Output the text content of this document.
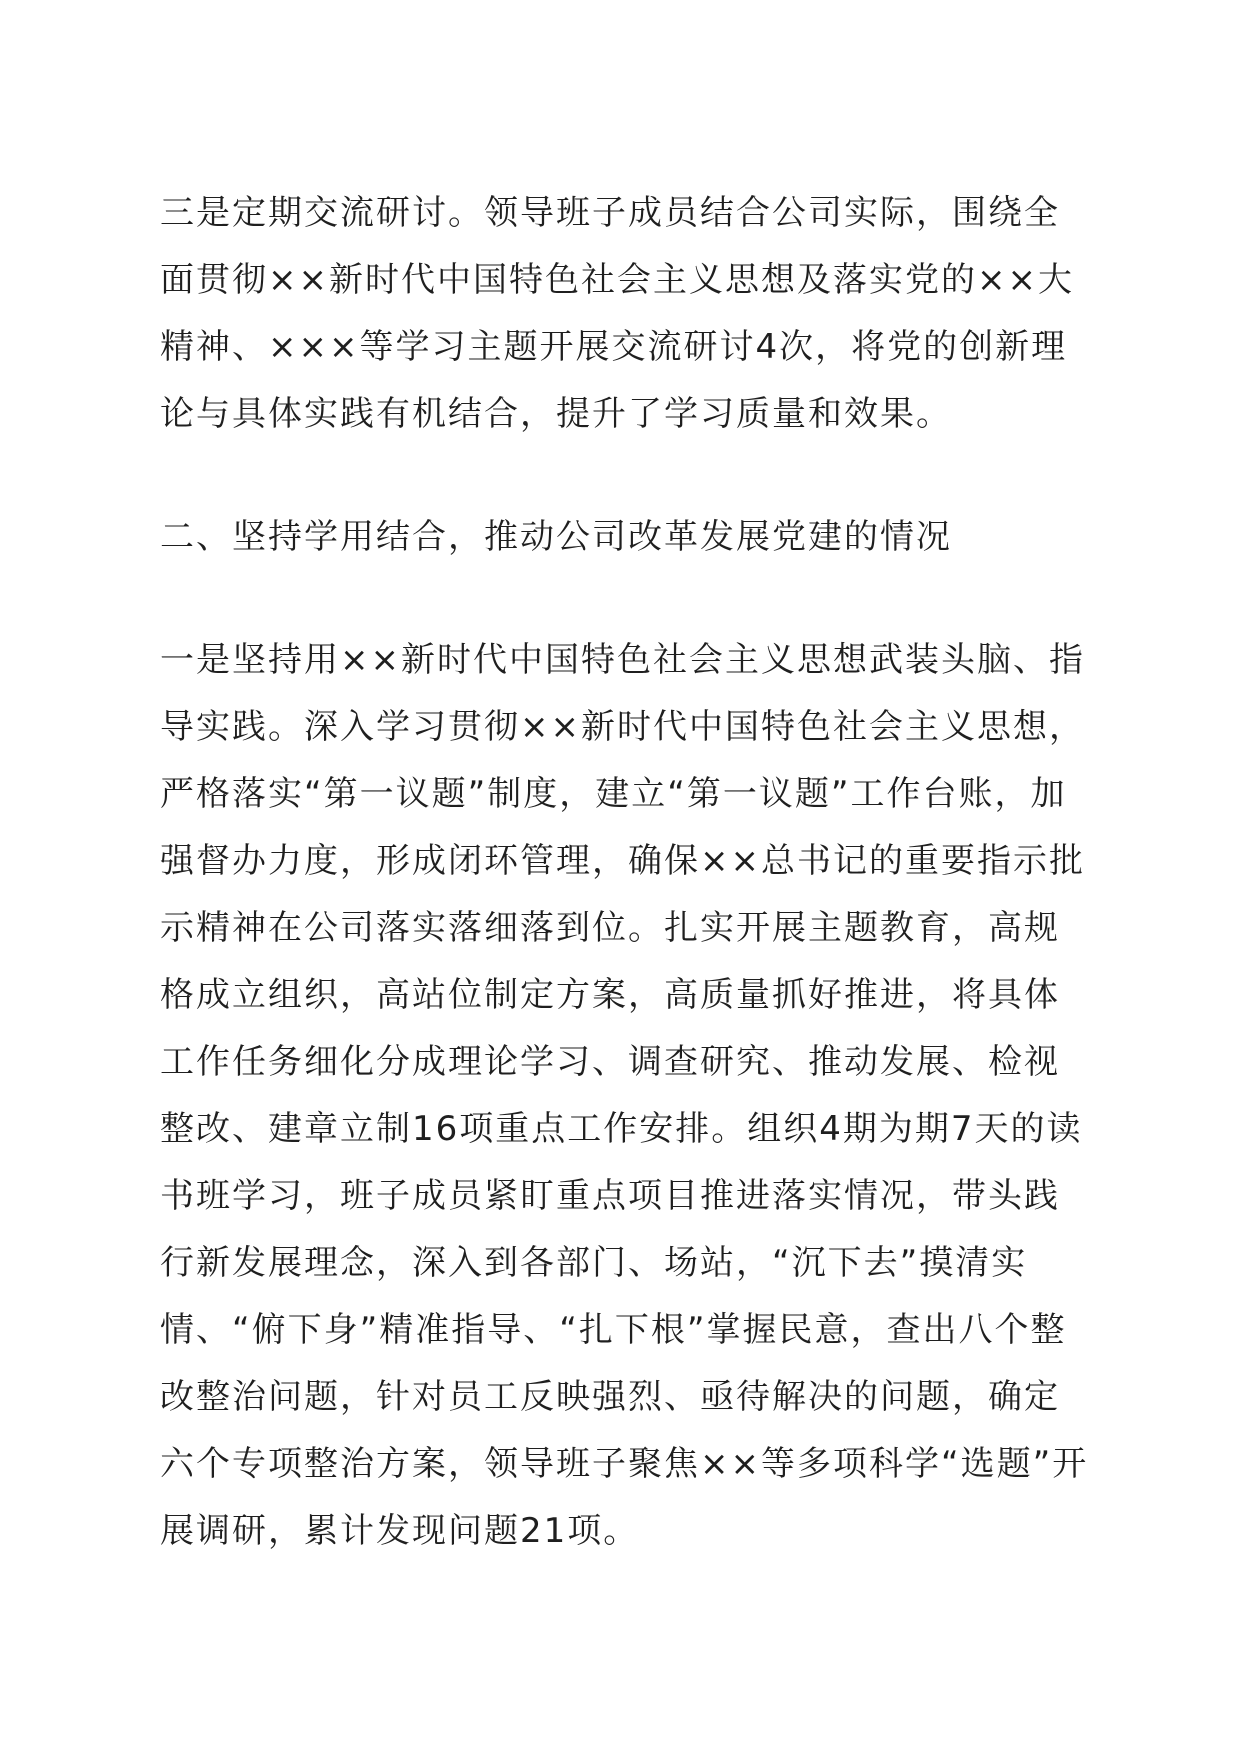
三是定期交流研讨。领导班子成员结合公司实际，围绕全面贯彻××新时代中国特色社会主义思想及落实党的××大精神、×××等学习主题开展交流研讨4次，将党的创新理论与具体实践有机结合，提升了学习质量和效果。

二、坚持学用结合，推动公司改革发展党建的情况

一是坚持用××新时代中国特色社会主义思想武装头脑、指导实践。深入学习贯彻××新时代中国特色社会主义思想，严格落实“第一议题”制度，建立“第一议题”工作台账，加强督办力度，形成闭环管理，确保××总书记的重要指示批示精神在公司落实落细落到位。扎实开展主题教育，高规格成立组织，高站位制定方案，高质量抓好推进，将具体工作任务细化分成理论学习、调查研究、推动发展、检视整改、建章立制16项重点工作安排。组织4期为期7天的读书班学习，班子成员紧盯重点项目推进落实情况，带头践行新发展理念，深入到各部门、场站，“沉下去”摸清实情、“俯下身”精准指导、“扎下根”掌握民意，查出八个整改整治问题，针对员工反映强烈、亟待解决的问题，确定六个专项整治方案，领导班子聚焦××等多项科学“选题”开展调研，累计发现问题21项。
